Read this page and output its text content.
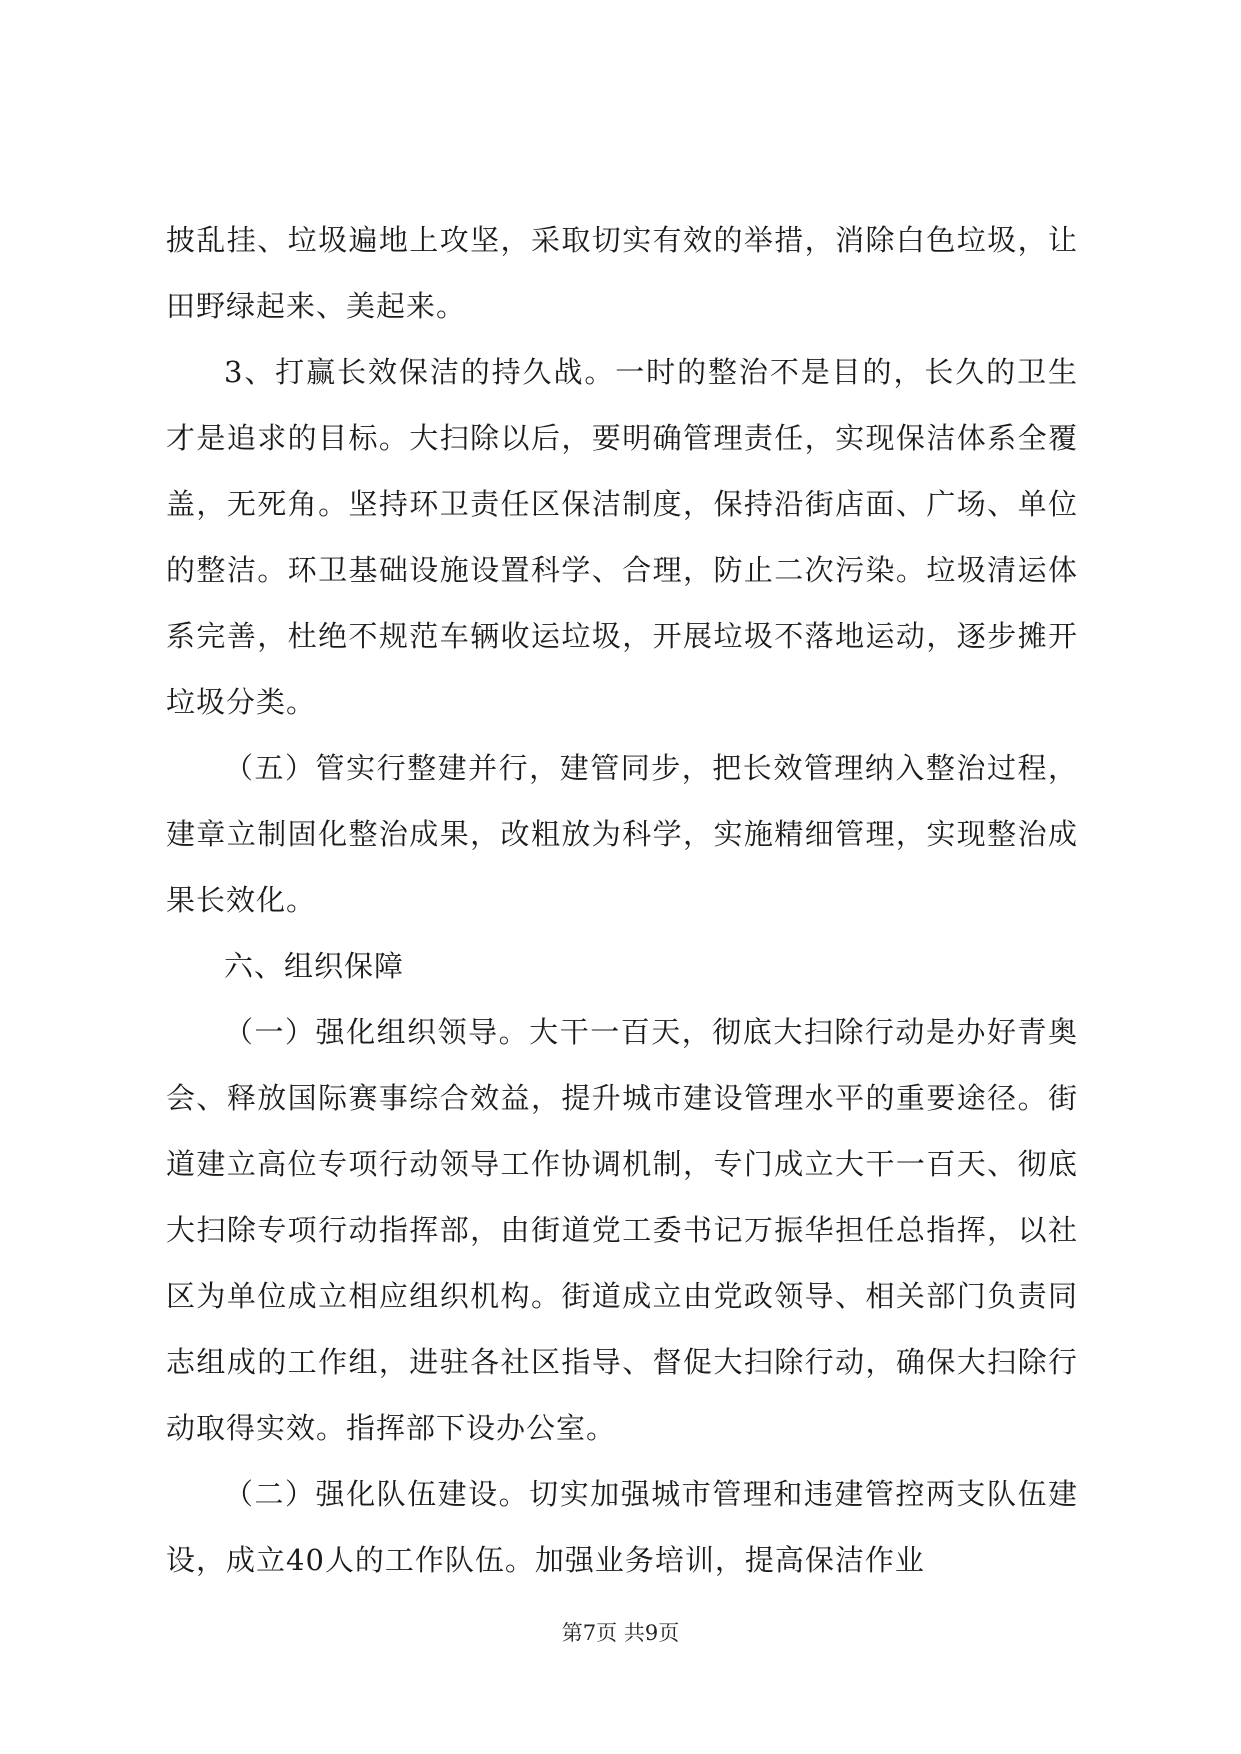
披乱挂、垃圾遍地上攻坚，采取切实有效的举措，消除白色垃圾，让田野绿起来、美起来。

3、打赢长效保洁的持久战。一时的整治不是目的，长久的卫生才是追求的目标。大扫除以后，要明确管理责任，实现保洁体系全覆盖，无死角。坚持环卫责任区保洁制度，保持沿街店面、广场、单位的整洁。环卫基础设施设置科学、合理，防止二次污染。垃圾清运体系完善，杜绝不规范车辆收运垃圾，开展垃圾不落地运动，逐步摊开垃圾分类。

（五）管实行整建并行，建管同步，把长效管理纳入整治过程，建章立制固化整治成果，改粗放为科学，实施精细管理，实现整治成果长效化。

六、组织保障

（一）强化组织领导。大干一百天，彻底大扫除行动是办好青奥会、释放国际赛事综合效益，提升城市建设管理水平的重要途径。街道建立高位专项行动领导工作协调机制，专门成立大干一百天、彻底大扫除专项行动指挥部，由街道党工委书记万振华担任总指挥，以社区为单位成立相应组织机构。街道成立由党政领导、相关部门负责同志组成的工作组，进驻各社区指导、督促大扫除行动，确保大扫除行动取得实效。指挥部下设办公室。

（二）强化队伍建设。切实加强城市管理和违建管控两支队伍建设，成立40人的工作队伍。加强业务培训，提高保洁作业

第7页 共9页
